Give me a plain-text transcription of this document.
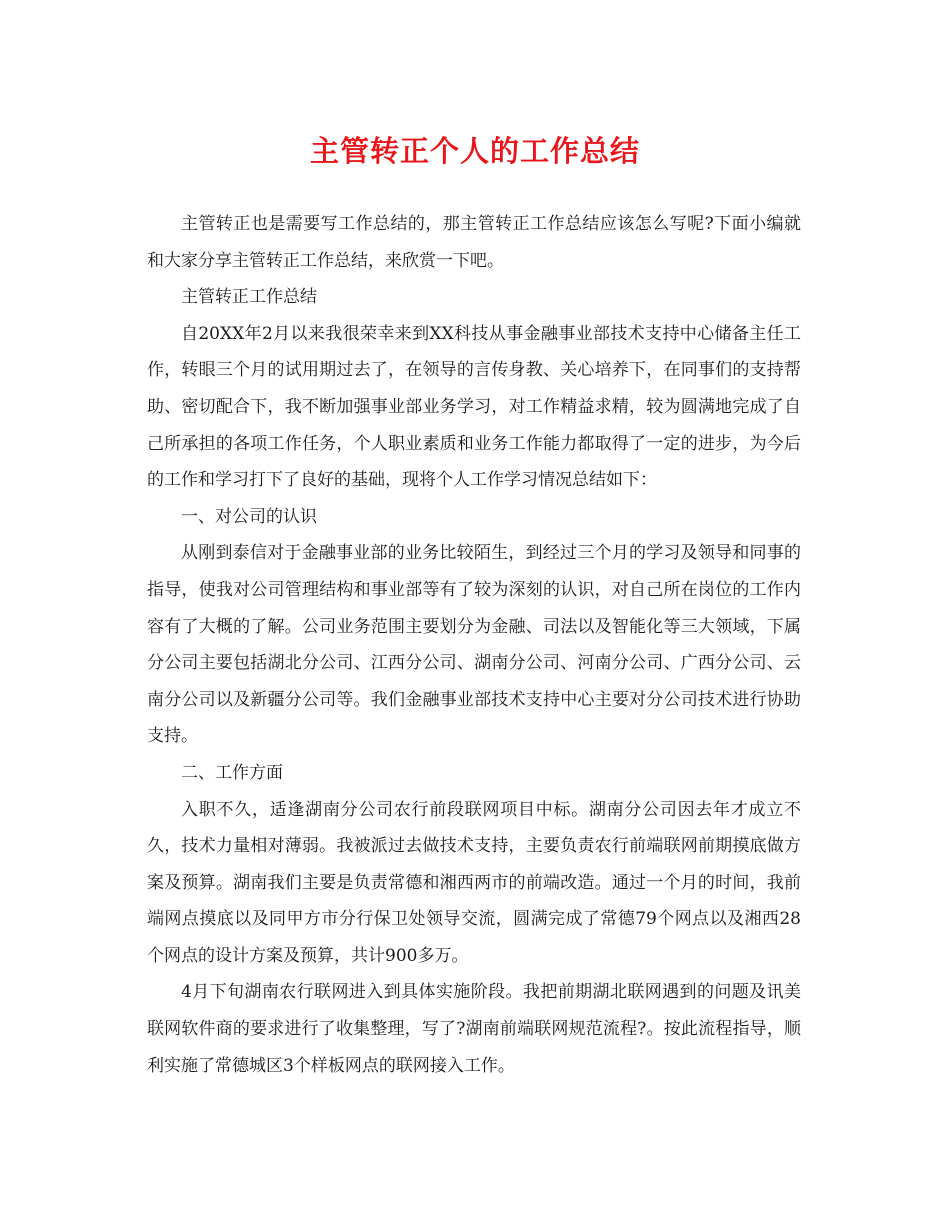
主管转正个人的工作总结

主管转正也是需要写工作总结的，那主管转正工作总结应该怎么写呢?下面小编就和大家分享主管转正工作总结，来欣赏一下吧。

主管转正工作总结

自20XX年2月以来我很荣幸来到XX科技从事金融事业部技术支持中心储备主任工作，转眼三个月的试用期过去了，在领导的言传身教、关心培养下，在同事们的支持帮助、密切配合下，我不断加强事业部业务学习，对工作精益求精，较为圆满地完成了自己所承担的各项工作任务，个人职业素质和业务工作能力都取得了一定的进步，为今后的工作和学习打下了良好的基础，现将个人工作学习情况总结如下：

一、对公司的认识

从刚到泰信对于金融事业部的业务比较陌生，到经过三个月的学习及领导和同事的指导，使我对公司管理结构和事业部等有了较为深刻的认识，对自己所在岗位的工作内容有了大概的了解。公司业务范围主要划分为金融、司法以及智能化等三大领域，下属分公司主要包括湖北分公司、江西分公司、湖南分公司、河南分公司、广西分公司、云南分公司以及新疆分公司等。我们金融事业部技术支持中心主要对分公司技术进行协助支持。

二、工作方面

入职不久，适逢湖南分公司农行前段联网项目中标。湖南分公司因去年才成立不久，技术力量相对薄弱。我被派过去做技术支持，主要负责农行前端联网前期摸底做方案及预算。湖南我们主要是负责常德和湘西两市的前端改造。通过一个月的时间，我前端网点摸底以及同甲方市分行保卫处领导交流，圆满完成了常德79个网点以及湘西28个网点的设计方案及预算，共计900多万。

4月下旬湖南农行联网进入到具体实施阶段。我把前期湖北联网遇到的问题及讯美联网软件商的要求进行了收集整理，写了?湖南前端联网规范流程?。按此流程指导，顺利实施了常德城区3个样板网点的联网接入工作。
